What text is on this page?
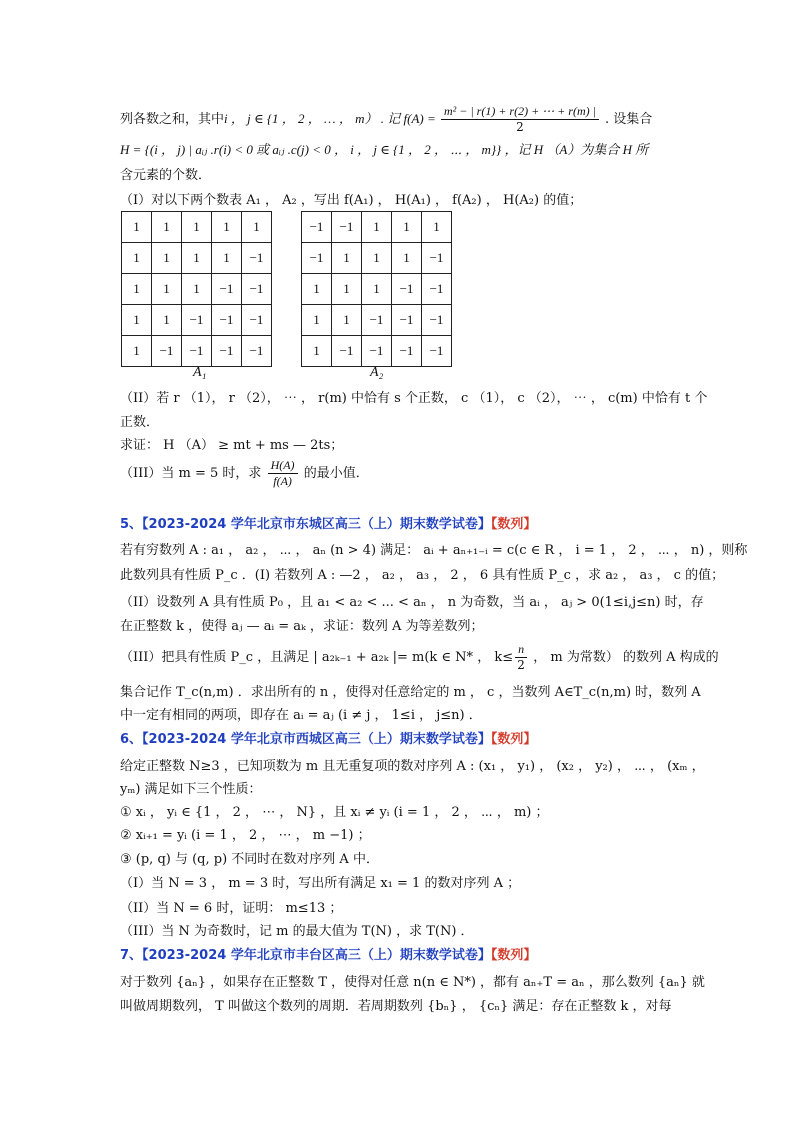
列各数之和，其中i ， j ∈ {1 ， 2 ， … ， m） . 记 $f(A) = \frac{\text{m² − | r(1) + r(2) + ⋯ + r(m) |}}{2}$ . 设集合
H = {(i ， j) | aᵢⱼ .r(i) < 0 或 aᵢⱼ .c(j) < 0 ， i ， j ∈ {1 ， 2 ， ⋯ ， m}} ，记 H （A）为集合 H 所
含元素的个数．
（I）对以下两个数表 A₁ ， A₂ ，写出 f(A₁) ， H(A₁) ， f(A₂) ， H(A₂) 的值；
1	1	1	1	1
1	1	1	1	−1
1	1	1	−1	−1
1	1	−1	−1	−1
1	−1	−1	−1	−1
−1	−1	1	1	1
−1	1	1	1	−1
1	1	1	−1	−1
1	1	−1	−1	−1
1	−1	−1	−1	−1
A₁	A₂
（II）若 r （1）， r （2）， ⋯ ， r(m) 中恰有 s 个正数， c （1）， c （2）， ⋯ ， c(m) 中恰有 t 个
正数．
求证： H （A） ≥ mt + ms — 2ts；
（III）当 m = 5 时，求 $\frac{H(A)}{f(A)}$ 的最小值．
5、【2023-2024 学年北京市东城区高三（上）期末数学试卷】【数列】
若有穷数列 A : a₁ ， a₂ ， ⋯ ， aₙ (n > 4) 满足： aᵢ + aₙ₊₁₋ᵢ = c(c ∈ R ， i = 1 ， 2 ， ⋯ ， n) ，则称
此数列具有性质 P_c ．(I) 若数列 A : —2 ， a₂ ， a₃ ， 2 ， 6 具有性质 P_c ，求 a₂ ， a₃ ， c 的值；
（II）设数列 A 具有性质 P₀ ，且 a₁ < a₂ < ... < aₙ ， n 为奇数，当 aᵢ ， aⱼ > 0(1≤i,j≤n) 时，存
在正整数 k ，使得 aⱼ — aᵢ = aₖ ，求证：数列 A 为等差数列；
（III）把具有性质 P_c ，且满足 | a₂ₖ₋₁ + a₂ₖ |= m(k ∈ N* ， $k\le \frac{n}{2}$ ， m 为常数） 的数列 A 构成的
集合记作 T_c(n,m) ．求出所有的 n ，使得对任意给定的 m ， c ，当数列 A∈T_c(n,m) 时，数列 A
中一定有相同的两项，即存在 aᵢ = aⱼ (i ≠ j ， 1≤i ， j≤n) ．
6、【2023-2024 学年北京市西城区高三（上）期末数学试卷】【数列】
给定正整数 N≥3 ，已知项数为 m 且无重复项的数对序列 A : (x₁ ， y₁) ， (x₂ ， y₂) ， ⋯ ， (xₘ ，
yₘ) 满足如下三个性质：
① xᵢ ， yᵢ ∈ {1 ， 2 ， ⋯ ， N} ，且 xᵢ ≠ yᵢ (i = 1 ， 2 ， ⋯ ， m) ；
② xᵢ₊₁ = yᵢ (i = 1 ， 2 ， ⋯ ， m −1) ；
③ (p, q) 与 (q, p) 不同时在数对序列 A 中．
（I）当 N = 3 ， m = 3 时，写出所有满足 x₁ = 1 的数对序列 A ；
（II）当 N = 6 时，证明： m≤13 ；
（III）当 N 为奇数时，记 m 的最大值为 T(N) ，求 T(N) ．
7、【2023-2024 学年北京市丰台区高三（上）期末数学试卷】【数列】
对于数列 {aₙ} ，如果存在正整数 T ，使得对任意 n(n ∈ N*) ，都有 aₙ₊T = aₙ ，那么数列 {aₙ} 就
叫做周期数列， T 叫做这个数列的周期．若周期数列 {bₙ} ， {cₙ} 满足：存在正整数 k ，对每
